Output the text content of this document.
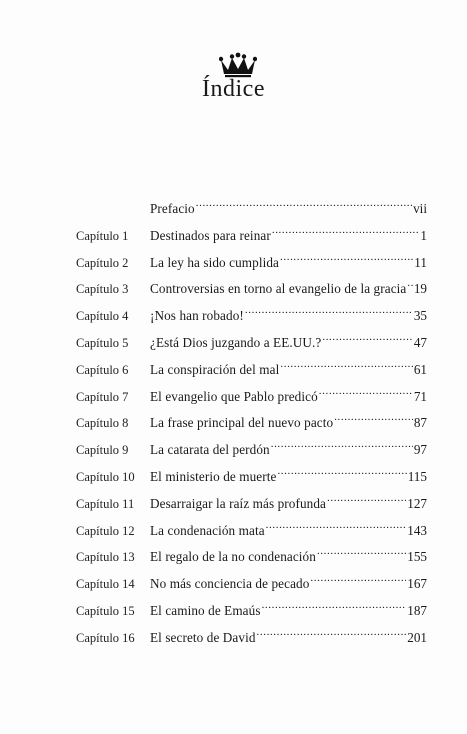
Índice
Prefacio .....	vii
Capítulo 1	Destinados para reinar .....	1
Capítulo 2	La ley ha sido cumplida .....	11
Capítulo 3	Controversias en torno al evangelio de la gracia ..... 19
Capítulo 4	¡Nos han robado! .....	35
Capítulo 5	¿Está Dios juzgando a EE.UU.? .....	47
Capítulo 6	La conspiración del mal .....	61
Capítulo 7	El evangelio que Pablo predicó .....	71
Capítulo 8	La frase principal del nuevo pacto .....	87
Capítulo 9	La catarata del perdón .....	97
Capítulo 10	El ministerio de muerte .....	115
Capítulo 11	Desarraigar la raíz más profunda .....	127
Capítulo 12	La condenación mata .....	143
Capítulo 13	El regalo de la no condenación .....	155
Capítulo 14	No más conciencia de pecado .....	167
Capítulo 15	El camino de Emaús .....	187
Capítulo 16	El secreto de David .....	201
